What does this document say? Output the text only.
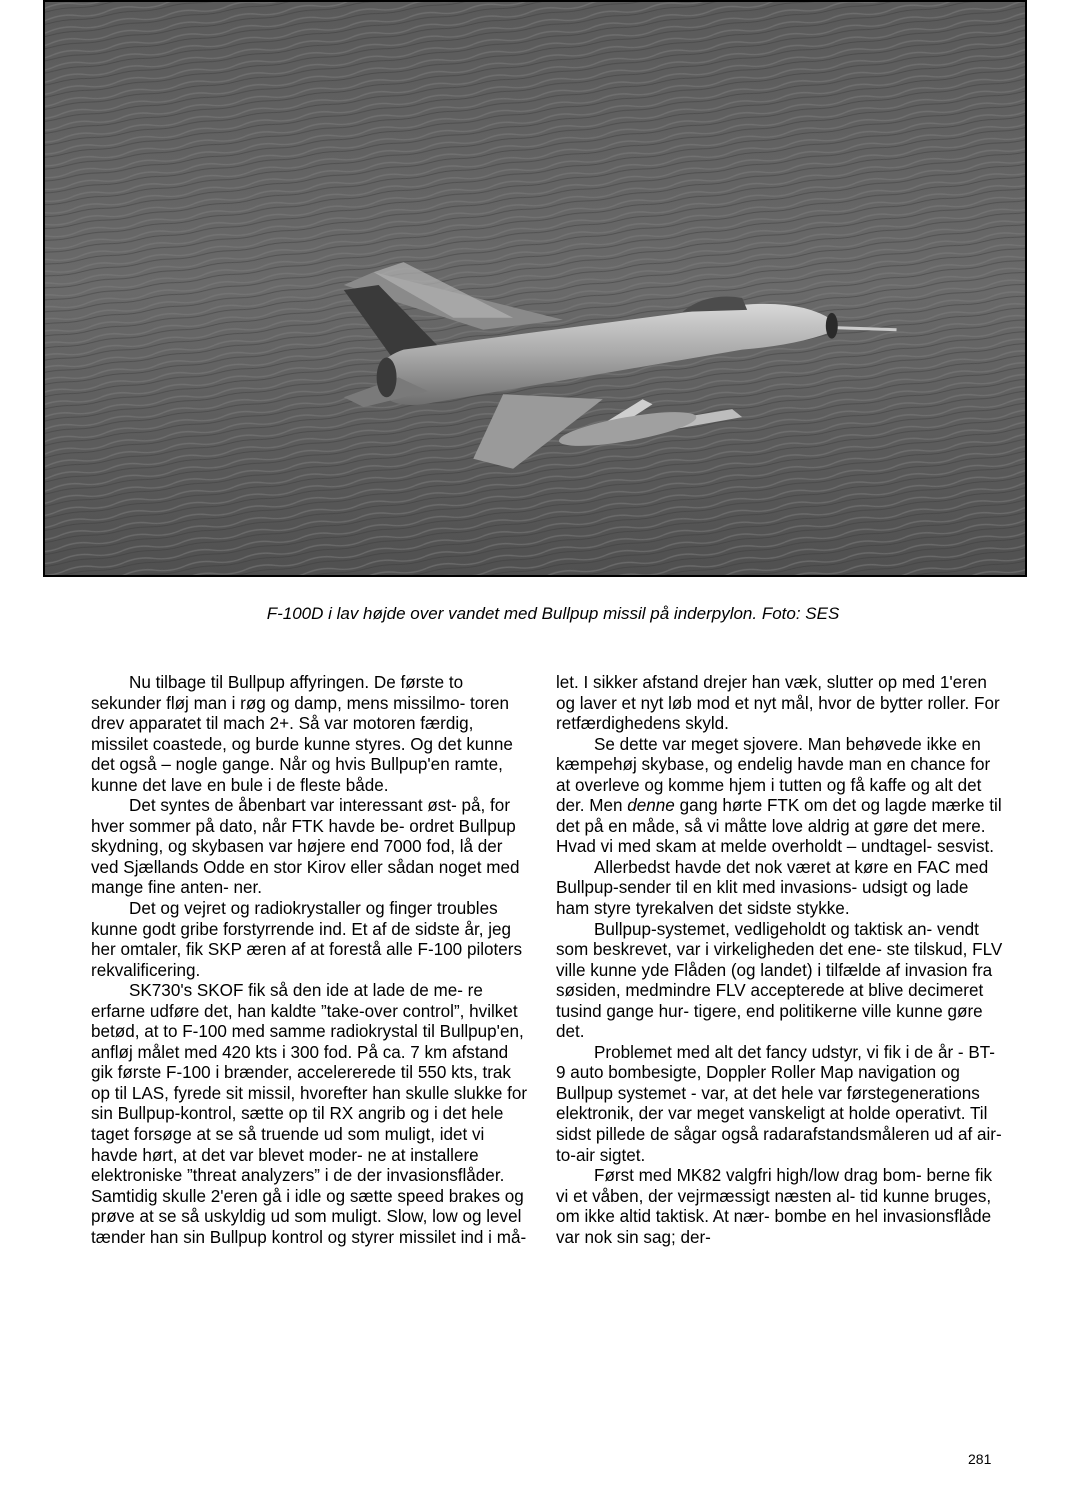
F-100D i lav højde over vandet med Bullpup missil på inderpylon. Foto: SES

Nu tilbage til Bullpup affyringen. De første to sekunder fløj man i røg og damp, mens missilmo- toren drev apparatet til mach 2+. Så var motoren færdig, missilet coastede, og burde kunne styres. Og det kunne det også – nogle gange. Når og hvis Bullpup'en ramte, kunne det lave en bule i de fleste både.

Det syntes de åbenbart var interessant øst- på, for hver sommer på dato, når FTK havde be- ordret Bullpup skydning, og skybasen var højere end 7000 fod, lå der ved Sjællands Odde en stor Kirov eller sådan noget med mange fine anten- ner.

Det og vejret og radiokrystaller og finger troubles kunne godt gribe forstyrrende ind. Et af de sidste år, jeg her omtaler, fik SKP æren af at forestå alle F-100 piloters rekvalificering.

SK730's SKOF fik så den ide at lade de me- re erfarne udføre det, han kaldte ”take-over control”, hvilket betød, at to F-100 med samme radiokrystal til Bullpup'en, anfløj målet med 420 kts i 300 fod. På ca. 7 km afstand gik første F-100 i brænder, accelererede til 550 kts, trak op til LAS, fyrede sit missil, hvorefter han skulle slukke for sin Bullpup-kontrol, sætte op til RX angrib og i det hele taget forsøge at se så truende ud som muligt, idet vi havde hørt, at det var blevet moder- ne at installere elektroniske ”threat analyzers” i de der invasionsflåder. Samtidig skulle 2'eren gå i idle og sætte speed brakes og prøve at se så uskyldig ud som muligt. Slow, low og level tænder han sin Bullpup kontrol og styrer missilet ind i må-

let. I sikker afstand drejer han væk, slutter op med 1'eren og laver et nyt løb mod et nyt mål, hvor de bytter roller. For retfærdighedens skyld.

Se dette var meget sjovere. Man behøvede ikke en kæmpehøj skybase, og endelig havde man en chance for at overleve og komme hjem i tutten og få kaffe og alt det der. Men denne gang hørte FTK om det og lagde mærke til det på en måde, så vi måtte love aldrig at gøre det mere. Hvad vi med skam at melde overholdt – undtagel- sesvist.

Allerbedst havde det nok været at køre en FAC med Bullpup-sender til en klit med invasions- udsigt og lade ham styre tyrekalven det sidste stykke.

Bullpup-systemet, vedligeholdt og taktisk an- vendt som beskrevet, var i virkeligheden det ene- ste tilskud, FLV ville kunne yde Flåden (og landet) i tilfælde af invasion fra søsiden, medmindre FLV accepterede at blive decimeret tusind gange hur- tigere, end politikerne ville kunne gøre det.

Problemet med alt det fancy udstyr, vi fik i de år - BT-9 auto bombesigte, Doppler Roller Map navigation og Bullpup systemet - var, at det hele var førstegenerations elektronik, der var meget vanskeligt at holde operativt. Til sidst pillede de sågar også radarafstandsmåleren ud af air-to-air sigtet.

Først med MK82 valgfri high/low drag bom- berne fik vi et våben, der vejrmæssigt næsten al- tid kunne bruges, om ikke altid taktisk. At nær- bombe en hel invasionsflåde var nok sin sag; der-

281
